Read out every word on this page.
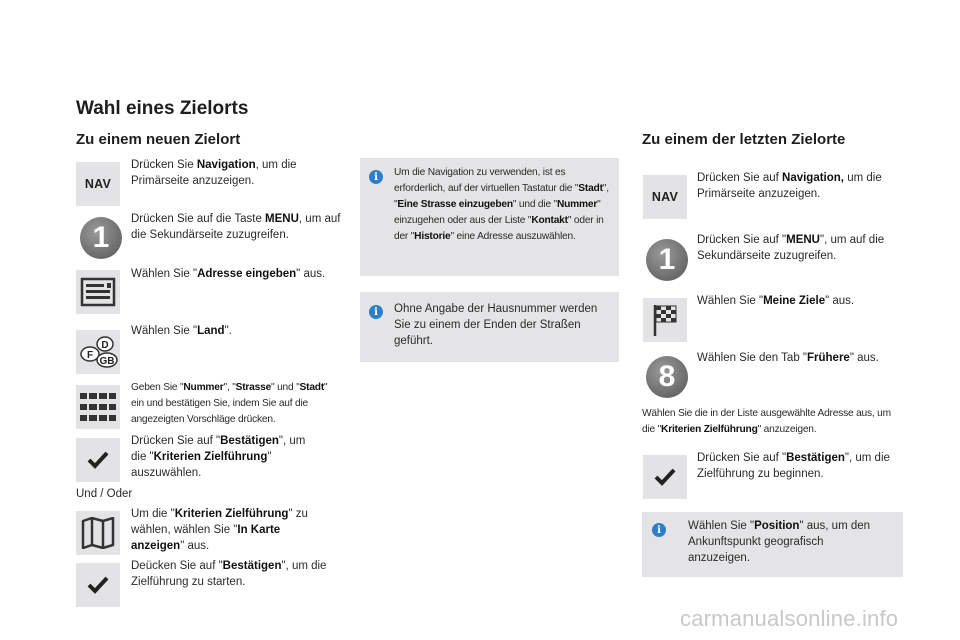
Wahl eines Zielorts
Zu einem neuen Zielort
NAV
Drücken Sie Navigation, um die Primärseite anzuzeigen.
1
Drücken Sie auf die Taste MENU, um auf die Sekundärseite zuzugreifen.
Wählen Sie "Adresse eingeben" aus.
D
F
GB
Wählen Sie "Land".
Geben Sie "Nummer", "Strasse" und "Stadt" ein und bestätigen Sie, indem Sie auf die angezeigten Vorschläge drücken.
Drücken Sie auf "Bestätigen", um die "Kriterien Zielführung" auszuwählen.
Und / Oder
Um die "Kriterien Zielführung" zu wählen, wählen Sie "In Karte anzeigen" aus.
Deücken Sie auf "Bestätigen", um die Zielführung zu starten.
i	Um die Navigation zu verwenden, ist es erforderlich, auf der virtuellen Tastatur die "Stadt", "Eine Strasse einzugeben" und die "Nummer" einzugehen oder aus der Liste "Kontakt" oder in der "Historie" eine Adresse auszuwählen.
i	Ohne Angabe der Hausnummer werden Sie zu einem der Enden der Straßen geführt.
Zu einem der letzten Zielorte
NAV
Drücken Sie auf Navigation, um die Primärseite anzuzeigen.
1
Drücken Sie auf "MENU", um auf die Sekundärseite zuzugreifen.
Wählen Sie "Meine Ziele" aus.
8
Wählen Sie den Tab "Frühere" aus.
Wählen Sie die in der Liste ausgewählte Adresse aus, um die "Kriterien Zielführung" anzuzeigen.
Drücken Sie auf "Bestätigen", um die Zielführung zu beginnen.
i	Wählen Sie "Position" aus, um den Ankunftspunkt geografisch anzuzeigen.
carmanualsonline.info
